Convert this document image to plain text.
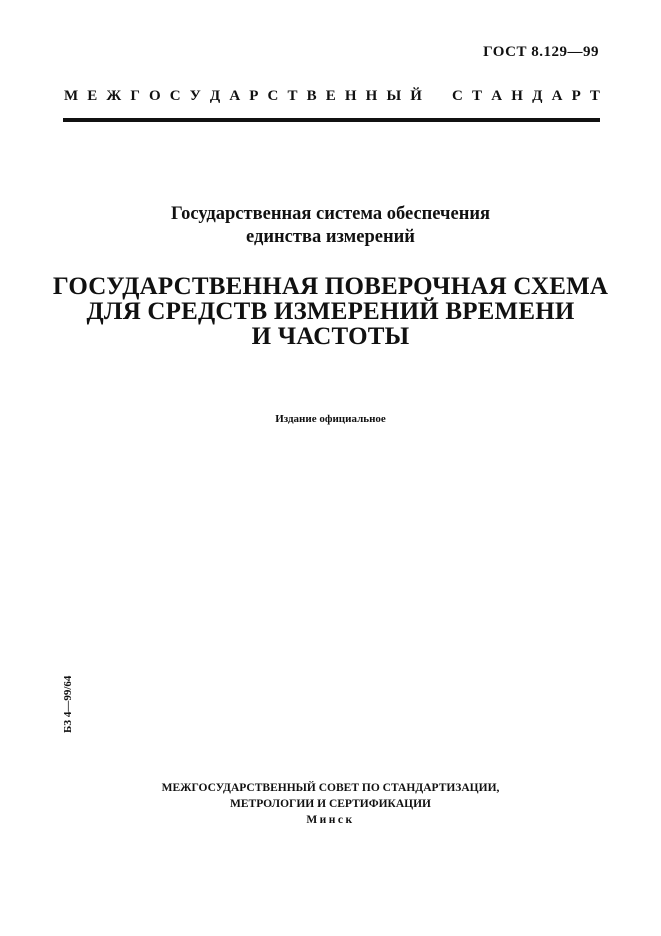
ГОСТ 8.129—99
М Е Ж Г О С У Д А Р С Т В Е Н Н Ы Й С Т А Н Д А Р Т
Государственная система обеспечения
единства измерений
ГОСУДАРСТВЕННАЯ ПОВЕРОЧНАЯ СХЕМА
ДЛЯ СРЕДСТВ ИЗМЕРЕНИЙ ВРЕМЕНИ
И ЧАСТОТЫ
Издание официальное
БЗ 4—99/64
МЕЖГОСУДАРСТВЕННЫЙ СОВЕТ ПО СТАНДАРТИЗАЦИИ,
МЕТРОЛОГИИ И СЕРТИФИКАЦИИ
Минск
